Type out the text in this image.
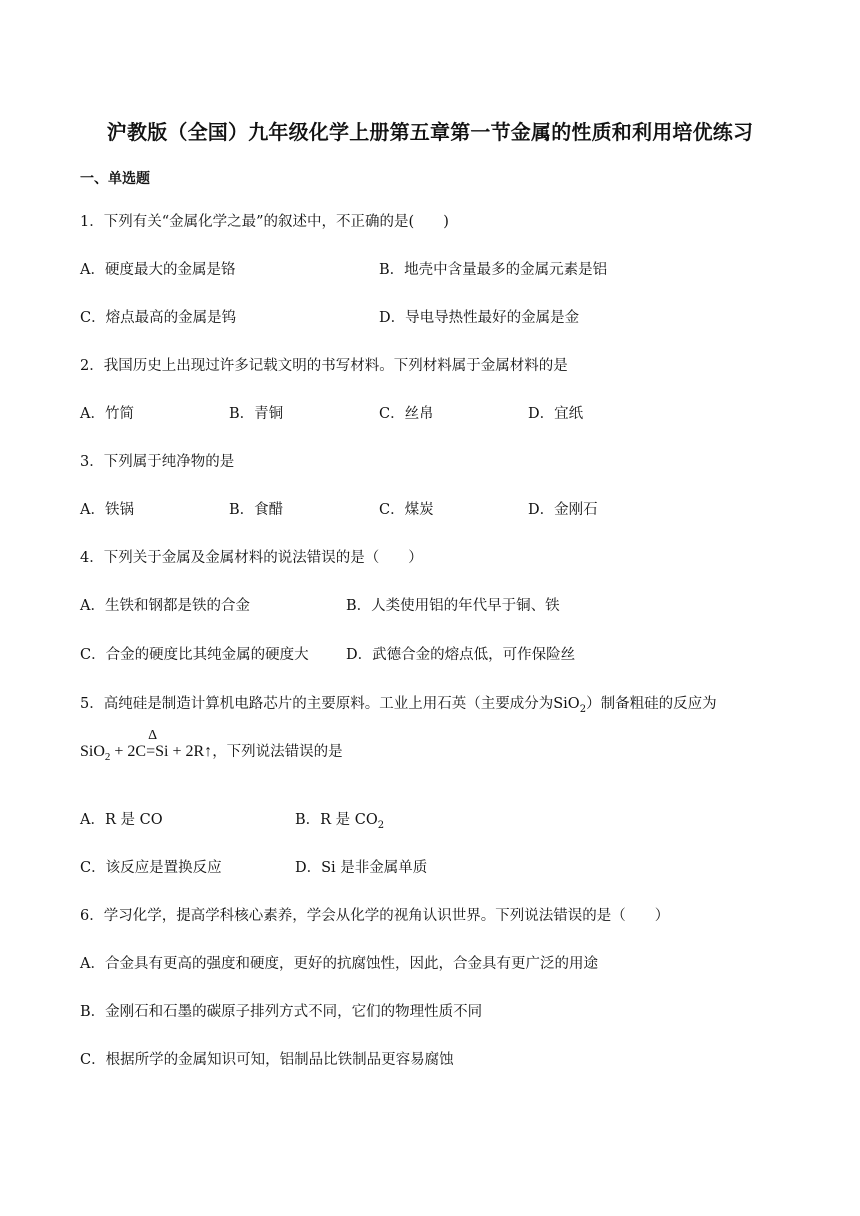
沪教版（全国）九年级化学上册第五章第一节金属的性质和利用培优练习
一、单选题
1．下列有关“金属化学之最”的叙述中，不正确的是(　　)
A．硬度最大的金属是铬	B．地壳中含量最多的金属元素是铝
C．熔点最高的金属是钨	D．导电导热性最好的金属是金
2．我国历史上出现过许多记载文明的书写材料。下列材料属于金属材料的是
A．竹简	B．青铜	C．丝帛	D．宜纸
3．下列属于纯净物的是
A．铁锅	B．食醋	C．煤炭	D．金刚石
4．下列关于金属及金属材料的说法错误的是（　　）
A．生铁和钢都是铁的合金	B．人类使用铝的年代早于铜、铁
C．合金的硬度比其纯金属的硬度大	D．武德合金的熔点低，可作保险丝
5．高纯硅是制造计算机电路芯片的主要原料。工业上用石英（主要成分为SiO$_2$）制备粗硅的反应为
SiO$_2$ + 2C
Δ
=Si + 2R↑，下列说法错误的是
A．R 是 CO	B．R 是 $CO_2$
C．该反应是置换反应	D．Si 是非金属单质
6．学习化学，提高学科核心素养，学会从化学的视角认识世界。下列说法错误的是（　　）
A．合金具有更高的强度和硬度，更好的抗腐蚀性，因此，合金具有更广泛的用途
B．金刚石和石墨的碳原子排列方式不同，它们的物理性质不同
C．根据所学的金属知识可知，铝制品比铁制品更容易腐蚀
